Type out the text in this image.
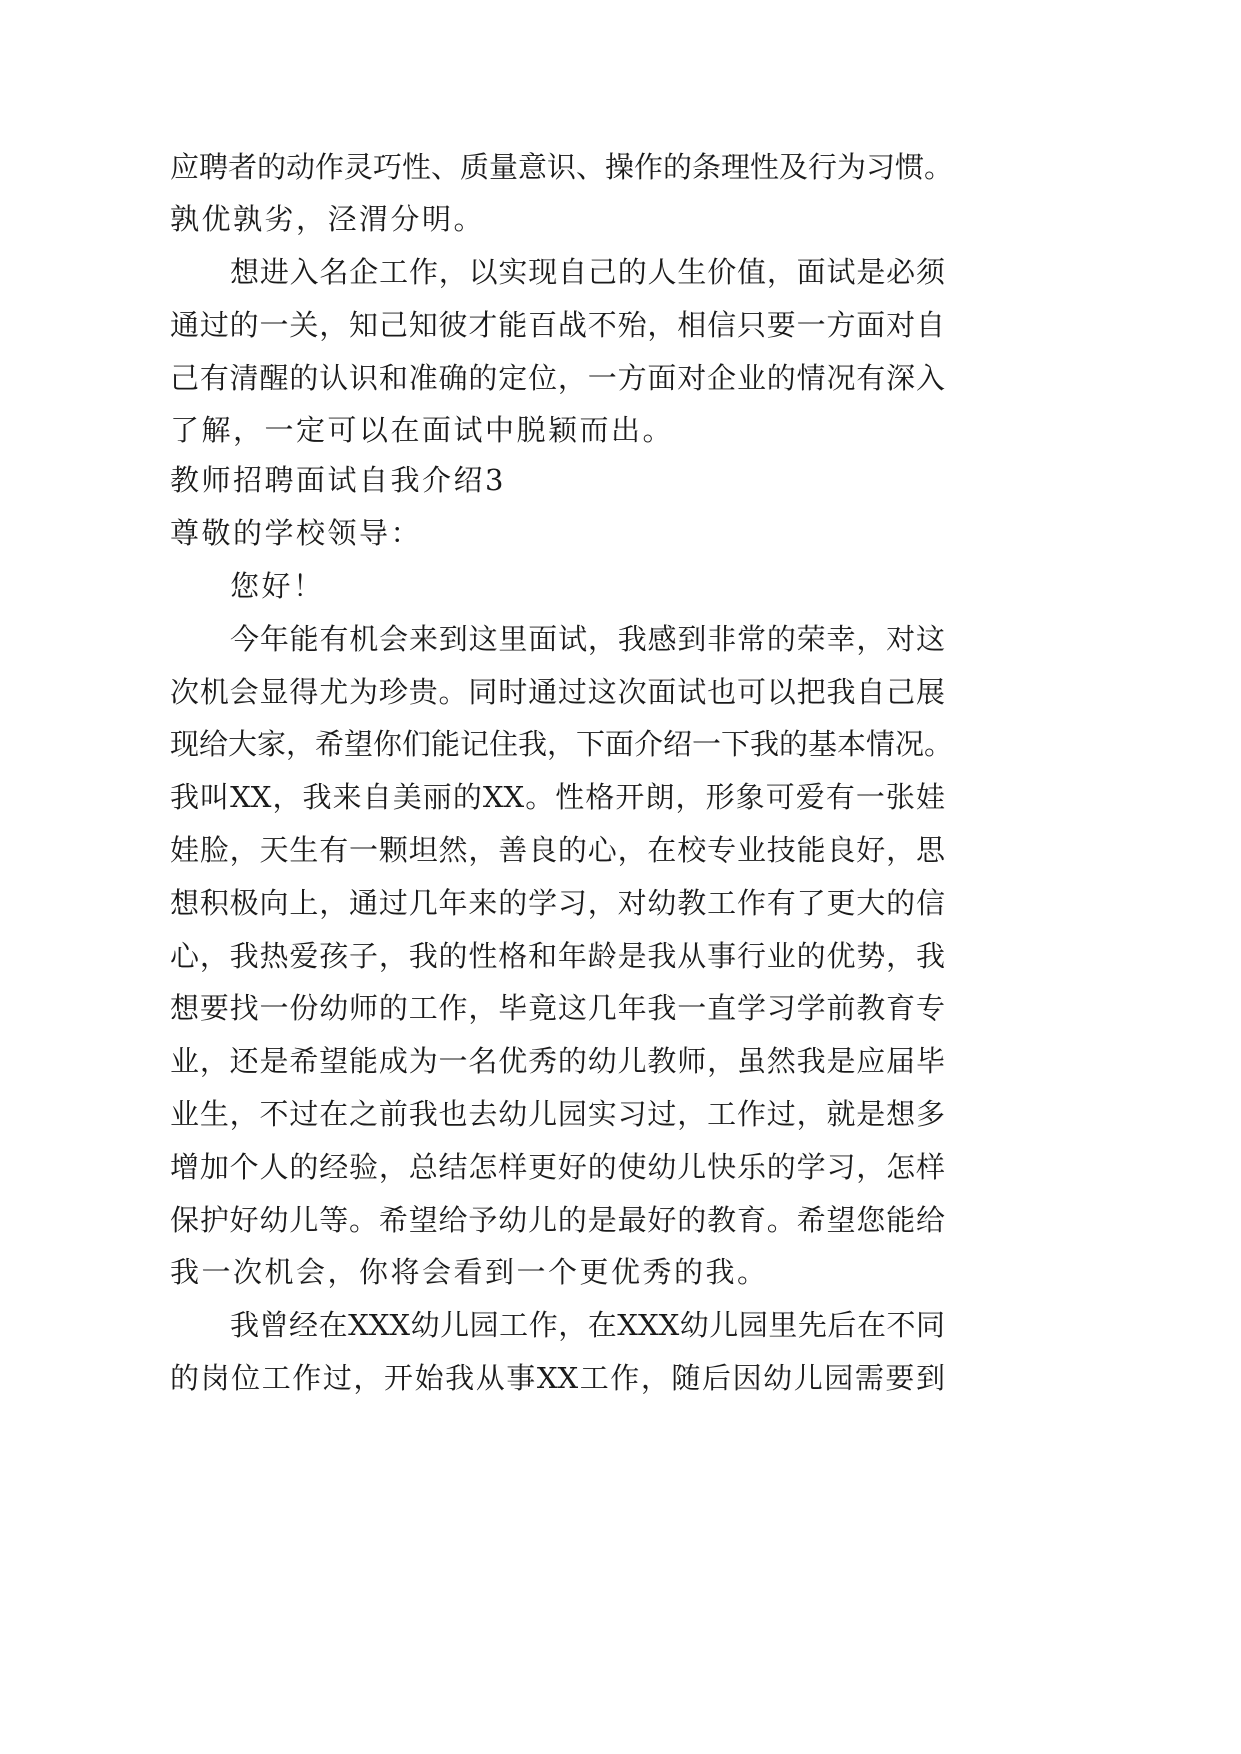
应聘者的动作灵巧性、质量意识、操作的条理性及行为习惯。
孰优孰劣，泾渭分明。
想进入名企工作，以实现自己的人生价值，面试是必须
通过的一关，知己知彼才能百战不殆，相信只要一方面对自
己有清醒的认识和准确的定位，一方面对企业的情况有深入
了解，一定可以在面试中脱颖而出。
教师招聘面试自我介绍3
尊敬的学校领导：
您好！
今年能有机会来到这里面试，我感到非常的荣幸，对这
次机会显得尤为珍贵。同时通过这次面试也可以把我自己展
现给大家，希望你们能记住我，下面介绍一下我的基本情况。
我叫XX，我来自美丽的XX。性格开朗，形象可爱有一张娃
娃脸，天生有一颗坦然，善良的心，在校专业技能良好，思
想积极向上，通过几年来的学习，对幼教工作有了更大的信
心，我热爱孩子，我的性格和年龄是我从事行业的优势，我
想要找一份幼师的工作，毕竟这几年我一直学习学前教育专
业，还是希望能成为一名优秀的幼儿教师，虽然我是应届毕
业生，不过在之前我也去幼儿园实习过，工作过，就是想多
增加个人的经验，总结怎样更好的使幼儿快乐的学习，怎样
保护好幼儿等。希望给予幼儿的是最好的教育。希望您能给
我一次机会，你将会看到一个更优秀的我。
我曾经在XXX幼儿园工作，在XXX幼儿园里先后在不同
的岗位工作过，开始我从事XX工作，随后因幼儿园需要到
